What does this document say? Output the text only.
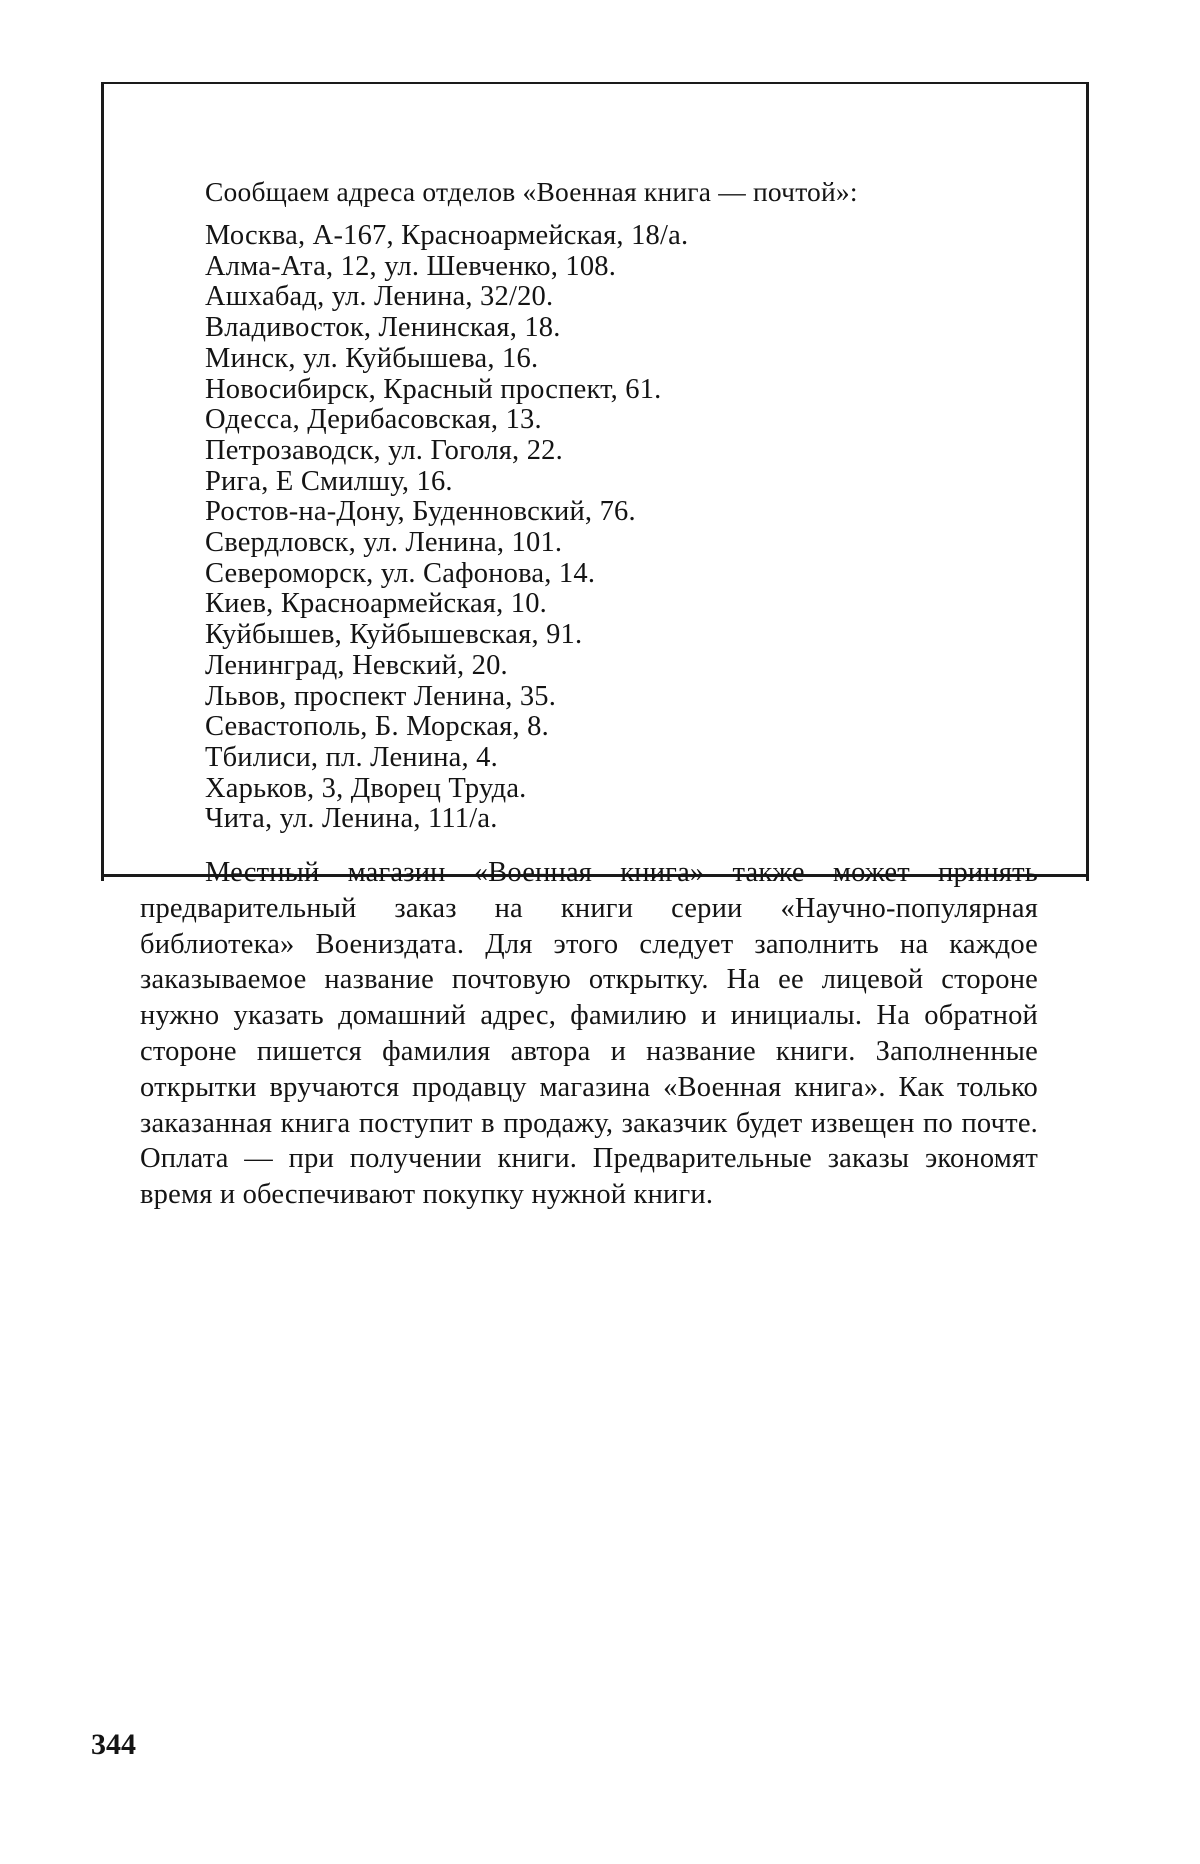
Сообщаем адреса отделов «Военная книга — почтой»:

Москва, А-167, Красноармейская, 18/а.
Алма-Ата, 12, ул. Шевченко, 108.
Ашхабад, ул. Ленина, 32/20.
Владивосток, Ленинская, 18.
Минск, ул. Куйбышева, 16.
Новосибирск, Красный проспект, 61.
Одесса, Дерибасовская, 13.
Петрозаводск, ул. Гоголя, 22.
Рига, Е Смилшу, 16.
Ростов-на-Дону, Буденновский, 76.
Свердловск, ул. Ленина, 101.
Североморск, ул. Сафонова, 14.
Киев, Красноармейская, 10.
Куйбышев, Куйбышевская, 91.
Ленинград, Невский, 20.
Львов, проспект Ленина, 35.
Севастополь, Б. Морская, 8.
Тбилиси, пл. Ленина, 4.
Харьков, 3, Дворец Труда.
Чита, ул. Ленина, 111/а.

Местный магазин «Военная книга» также может принять предварительный заказ на книги серии «Научно-популярная библиотека» Воениздата. Для этого следует заполнить на каждое заказываемое название почтовую открытку. На ее лицевой стороне нужно указать домашний адрес, фамилию и инициалы. На обратной стороне пишется фамилия автора и название книги. Заполненные открытки вручаются продавцу магазина «Военная книга». Как только заказанная книга поступит в продажу, заказчик будет извещен по почте. Оплата — при получении книги. Предварительные заказы экономят время и обеспечивают покупку нужной книги.

344
